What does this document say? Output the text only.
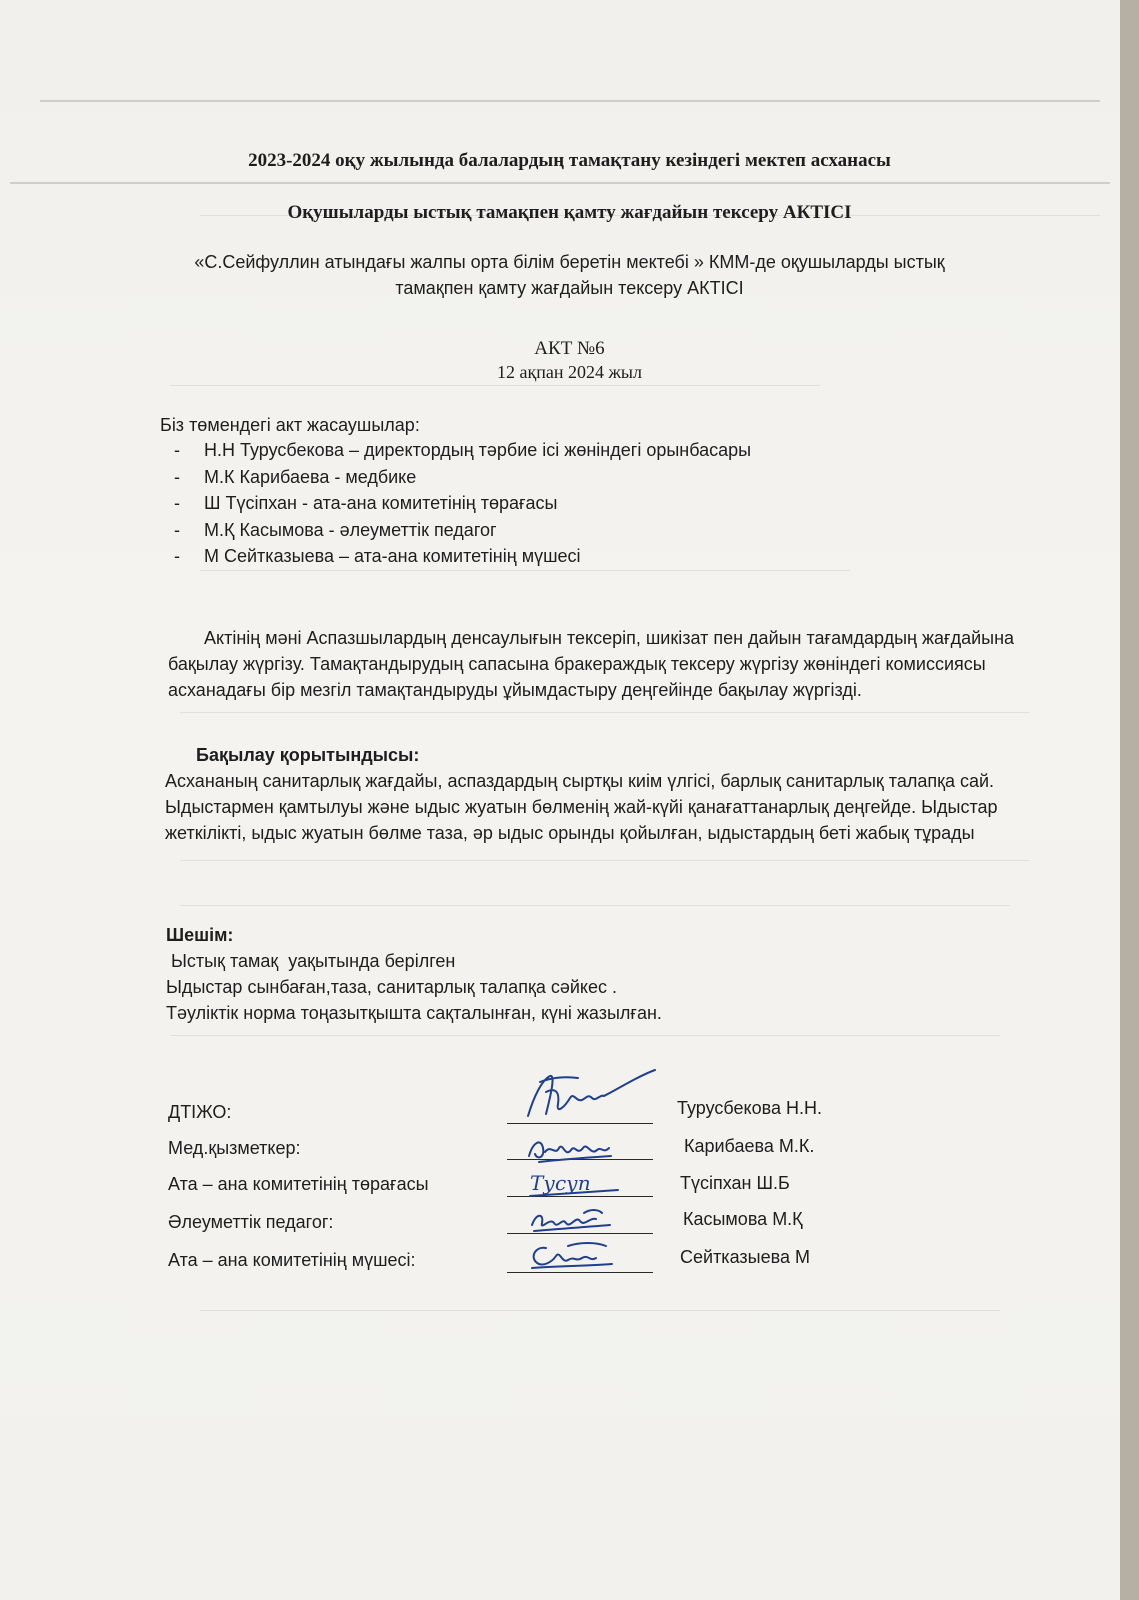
2023-2024 оқу жылында балалардың тамақтану кезіндегі мектеп асханасы
Оқушыларды ыстық тамақпен қамту жағдайын тексеру АКТІСІ
«С.Сейфуллин атындағы жалпы орта білім беретін мектебі » КММ-де оқушыларды ыстық
тамақпен қамту жағдайын тексеру АКТІСІ
АКТ №6
12 ақпан 2024 жыл
Біз төмендегі акт жасаушылар:
- Н.Н Турусбекова – директордың тәрбие ісі жөніндегі орынбасары
- М.К Карибаева - медбике
- Ш Түсіпхан - ата-ана комитетінің төрағасы
- М.Қ Касымова - әлеуметтік педагог
- М Сейтказыева – ата-ана комитетінің мүшесі
Актінің мәні Аспазшылардың денсаулығын тексеріп, шикізат пен дайын тағамдардың жағдайына бақылау жүргізу. Тамақтандырудың сапасына бракераждық тексеру жүргізу жөніндегі комиссиясы асханадағы бір мезгіл тамақтандыруды ұйымдастыру деңгейінде бақылау жүргізді.
Бақылау қорытындысы:
Асхананың санитарлық жағдайы, аспаздардың сыртқы киім үлгісі, барлық санитарлық талапқа сай. Ыдыстармен қамтылуы және ыдыс жуатын бөлменің жай-күйі қанағаттанарлық деңгейде. Ыдыстар жеткілікті, ыдыс жуатын бөлме таза, әр ыдыс орынды қойылған, ыдыстардың беті жабық тұрады
Шешім:
Ыстық тамақ  уақытында берілген
Ыдыстар сынбаған,таза, санитарлық талапқа сәйкес .
Тәуліктік норма тоңазытқышта сақталынған, күні жазылған.
ДТІЖО:	Турусбекова Н.Н.
Мед.қызметкер:	Карибаева М.К.
Ата – ана комитетінің төрағасы	Түсіпхан Ш.Б
Әлеуметтік педагог:	Касымова М.Қ
Ата – ана комитетінің мүшесі:	Сейтказыева М
Тусуп
